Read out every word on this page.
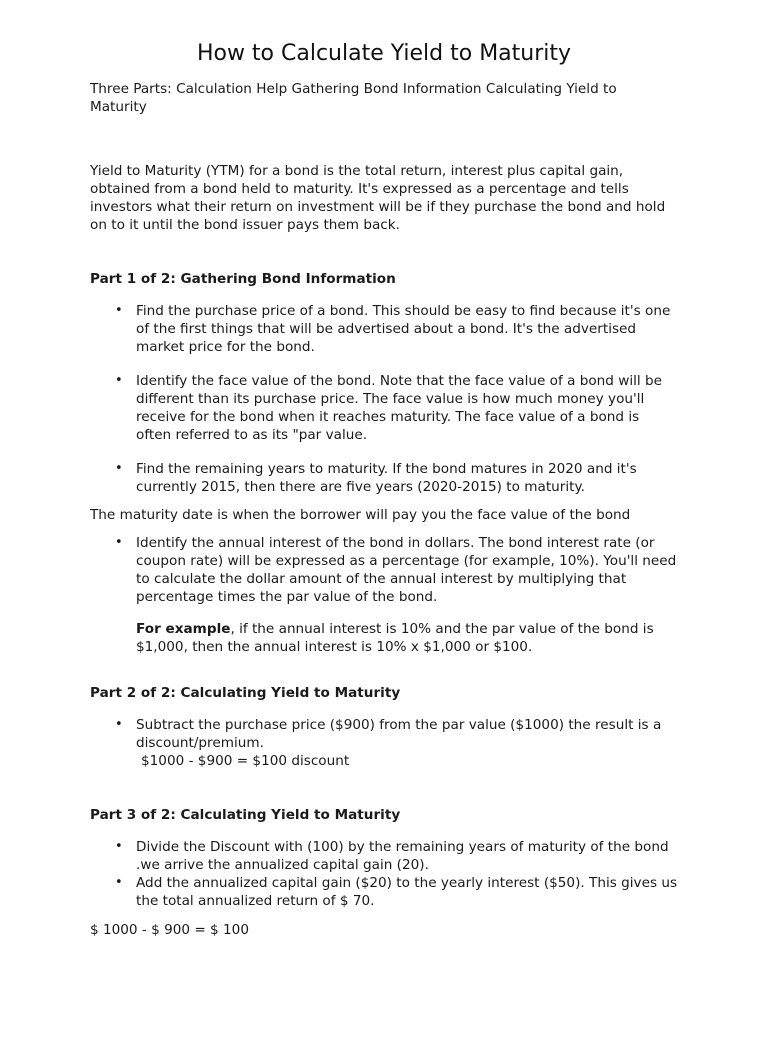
How to Calculate Yield to Maturity

Three Parts: Calculation Help Gathering Bond Information Calculating Yield to Maturity

Yield to Maturity (YTM) for a bond is the total return, interest plus capital gain, obtained from a bond held to maturity. It's expressed as a percentage and tells investors what their return on investment will be if they purchase the bond and hold on to it until the bond issuer pays them back.

Part 1 of 2: Gathering Bond Information

• Find the purchase price of a bond. This should be easy to find because it's one of the first things that will be advertised about a bond. It's the advertised market price for the bond.
• Identify the face value of the bond. Note that the face value of a bond will be different than its purchase price. The face value is how much money you'll receive for the bond when it reaches maturity. The face value of a bond is often referred to as its "par value.
• Find the remaining years to maturity. If the bond matures in 2020 and it's currently 2015, then there are five years (2020-2015) to maturity.

The maturity date is when the borrower will pay you the face value of the bond

• Identify the annual interest of the bond in dollars. The bond interest rate (or coupon rate) will be expressed as a percentage (for example, 10%). You'll need to calculate the dollar amount of the annual interest by multiplying that percentage times the par value of the bond.
For example, if the annual interest is 10% and the par value of the bond is $1,000, then the annual interest is 10% x $1,000 or $100.

Part 2 of 2: Calculating Yield to Maturity

• Subtract the purchase price ($900) from the par value ($1000) the result is a discount/premium.
$1000 - $900 = $100 discount

Part 3 of 2: Calculating Yield to Maturity

• Divide the Discount with (100) by the remaining years of maturity of the bond .we arrive the annualized capital gain (20).
• Add the annualized capital gain ($20) to the yearly interest ($50). This gives us the total annualized return of $ 70.

$ 1000 - $ 900 = $ 100
